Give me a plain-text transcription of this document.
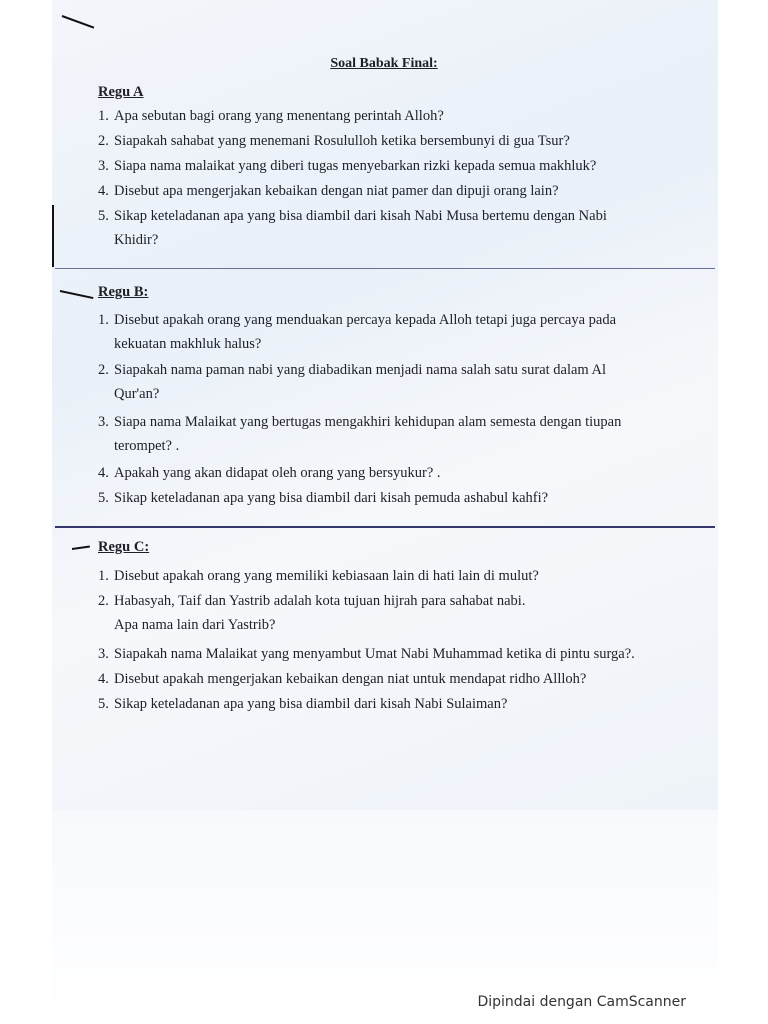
Soal Babak Final:
Regu A
1. Apa sebutan bagi orang yang menentang perintah Alloh?
2. Siapakah sahabat yang menemani Rosululloh ketika bersembunyi di gua Tsur?
3. Siapa nama malaikat yang diberi tugas menyebarkan rizki kepada semua makhluk?
4. Disebut apa mengerjakan kebaikan dengan niat pamer dan dipuji orang lain?
5. Sikap keteladanan apa yang bisa diambil dari kisah Nabi Musa bertemu dengan Nabi
Khidir?
Regu B:
1. Disebut apakah orang yang menduakan percaya kepada Alloh tetapi juga percaya pada
kekuatan makhluk halus?
2. Siapakah nama paman nabi yang diabadikan menjadi nama salah satu surat dalam Al
Qur'an?
3. Siapa nama Malaikat yang bertugas mengakhiri kehidupan alam semesta dengan tiupan
terompet? .
4. Apakah yang akan didapat oleh orang yang bersyukur? .
5. Sikap keteladanan apa yang bisa diambil dari kisah pemuda ashabul kahfi?
Regu C:
1. Disebut apakah orang yang memiliki kebiasaan lain di hati lain di mulut?
2. Habasyah, Taif dan Yastrib adalah kota tujuan hijrah para sahabat nabi.
Apa nama lain dari Yastrib?
3. Siapakah nama Malaikat yang menyambut Umat Nabi Muhammad ketika di pintu surga?.
4. Disebut apakah mengerjakan kebaikan dengan niat untuk mendapat ridho Allloh?
5. Sikap keteladanan apa yang bisa diambil dari kisah Nabi Sulaiman?
Dipindai dengan CamScanner
